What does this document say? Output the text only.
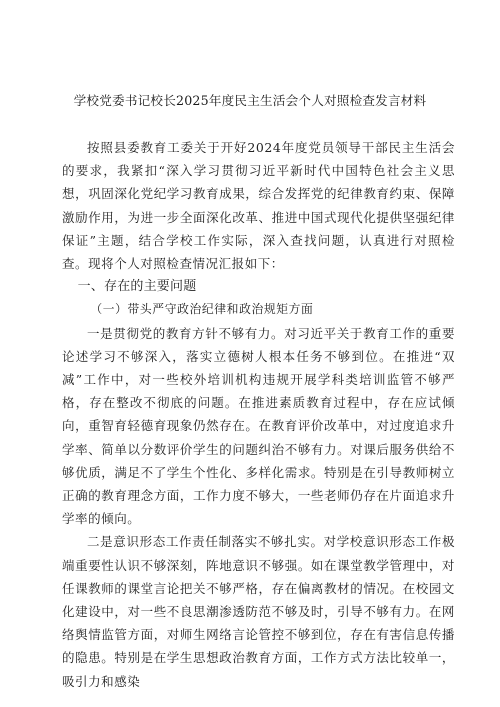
学校党委书记校长2025年度民主生活会个人对照检查发言材料

按照县委教育工委关于开好2024年度党员领导干部民主生活会的要求，我紧扣“深入学习贯彻习近平新时代中国特色社会主义思想，巩固深化党纪学习教育成果，综合发挥党的纪律教育约束、保障激励作用，为进一步全面深化改革、推进中国式现代化提供坚强纪律保证”主题，结合学校工作实际，深入查找问题，认真进行对照检查。现将个人对照检查情况汇报如下：

一、存在的主要问题
（一）带头严守政治纪律和政治规矩方面

一是贯彻党的教育方针不够有力。对习近平关于教育工作的重要论述学习不够深入，落实立德树人根本任务不够到位。在推进“双减”工作中，对一些校外培训机构违规开展学科类培训监管不够严格，存在整改不彻底的问题。在推进素质教育过程中，存在应试倾向，重智育轻德育现象仍然存在。在教育评价改革中，对过度追求升学率、简单以分数评价学生的问题纠治不够有力。对课后服务供给不够优质，满足不了学生个性化、多样化需求。特别是在引导教师树立正确的教育理念方面，工作力度不够大，一些老师仍存在片面追求升学率的倾向。

二是意识形态工作责任制落实不够扎实。对学校意识形态工作极端重要性认识不够深刻，阵地意识不够强。如在课堂教学管理中，对任课教师的课堂言论把关不够严格，存在偏离教材的情况。在校园文化建设中，对一些不良思潮渗透防范不够及时，引导不够有力。在网络舆情监管方面，对师生网络言论管控不够到位，存在有害信息传播的隐患。特别是在学生思想政治教育方面，工作方式方法比较单一，吸引力和感染
